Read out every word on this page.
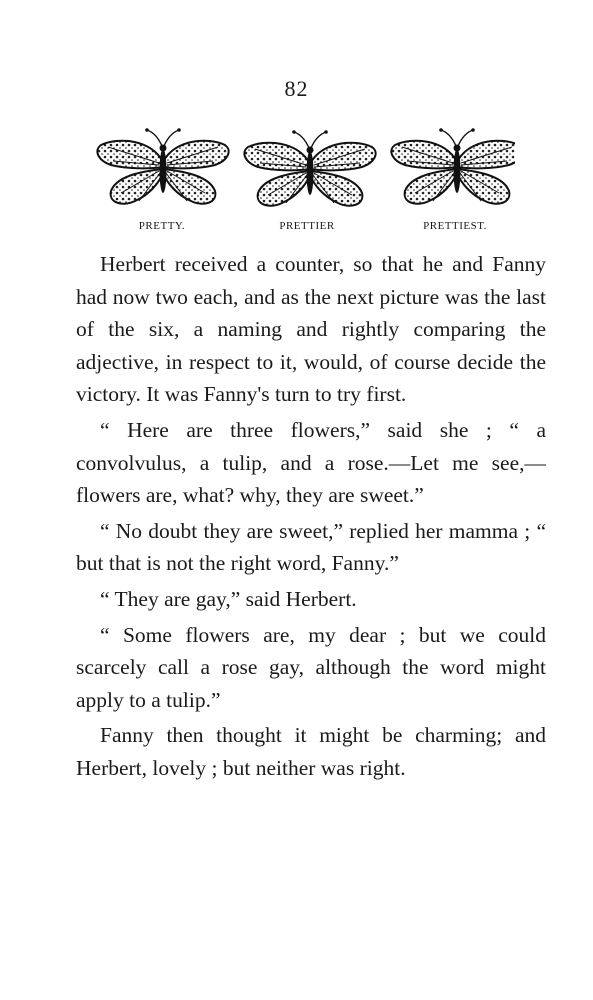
82
PRETTY.	PRETTIER	PRETTIEST.

Herbert received a counter, so that he and Fanny had now two each, and as the next picture was the last of the six, a naming and rightly comparing the adjective, in respect to it, would, of course decide the victory. It was Fanny's turn to try first.

“ Here are three flowers,” said she ; “ a convolvulus, a tulip, and a rose.—Let me see,—flowers are, what? why, they are sweet.”

“ No doubt they are sweet,” replied her mamma ; “ but that is not the right word, Fanny.”

“ They are gay,” said Herbert.

“ Some flowers are, my dear ; but we could scarcely call a rose gay, although the word might apply to a tulip.”

Fanny then thought it might be charming; and Herbert, lovely ; but neither was right.
